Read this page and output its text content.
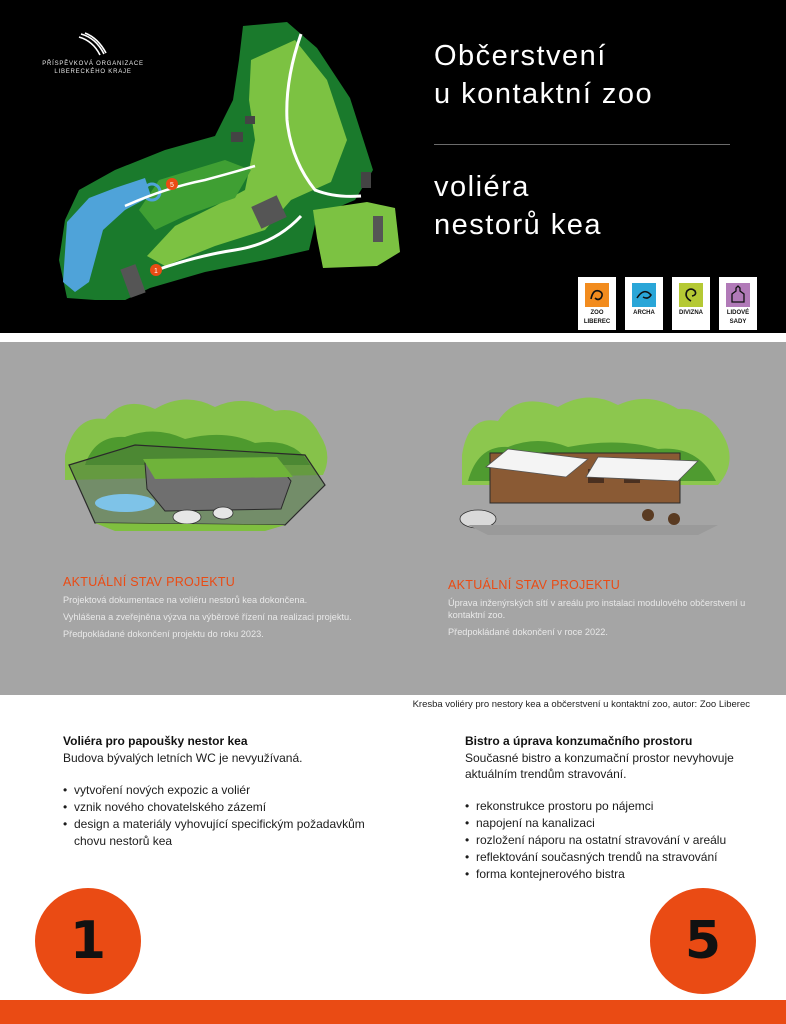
PŘÍSPĚVKOVÁ ORGANIZACE
LIBERECKÉHO KRAJE
1
5
Občerstvení
u kontaktní zoo
voliéra
nestorů kea
ZOO
LIBEREC
ARCHA	DIVIZNA	LIDOVÉ
SADY
AKTUÁLNÍ STAV PROJEKTU

Projektová dokumentace na voliéru nestorů kea dokončena.

Vyhlášena a zveřejněna výzva na výběrové řízení na realizaci projektu.

Předpokládané dokončení projektu do roku 2023.

AKTUÁLNÍ STAV PROJEKTU

Úprava inženýrských sítí v areálu pro instalaci modulového občerstvení u kontaktní zoo.

Předpokládané dokončení v roce 2022.

Kresba voliéry pro nestory kea a občerstvení u kontaktní zoo, autor: Zoo Liberec
Voliéra pro papoušky nestor kea
Budova bývalých letních WC je nevyužívaná.
• vytvoření nových expozic a voliér
• vznik nového chovatelského zázemí
• design a materiály vyhovující specifickým požadavkům chovu nestorů kea
Bistro a úprava konzumačního prostoru
Současné bistro a konzumační prostor nevyhovuje aktuálním trendům stravování.
• rekonstrukce prostoru po nájemci
• napojení na kanalizaci
• rozložení náporu na ostatní stravování v areálu
• reflektování současných trendů na stravování
• forma kontejnerového bistra
1	5
